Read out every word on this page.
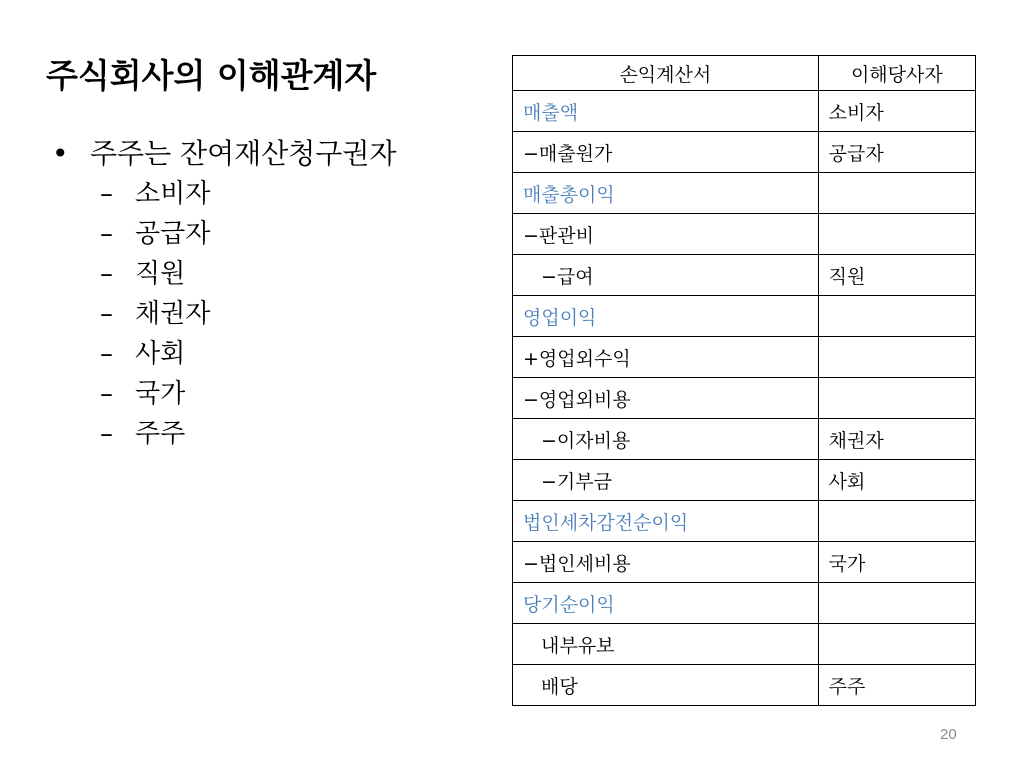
주식회사의 이해관계자
• 주주는 잔여재산청구권자
– 소비자
– 공급자
– 직원
– 채권자
– 사회
– 국가
– 주주
손익계산서	이해당사자
매출액	소비자
−매출원가	공급자
매출총이익	
−판관비	
−급여	직원
영업이익	
+영업외수익	
−영업외비용	
−이자비용	채권자
−기부금	사회
법인세차감전순이익	
−법인세비용	국가
당기순이익	
내부유보	
배당	주주
20
